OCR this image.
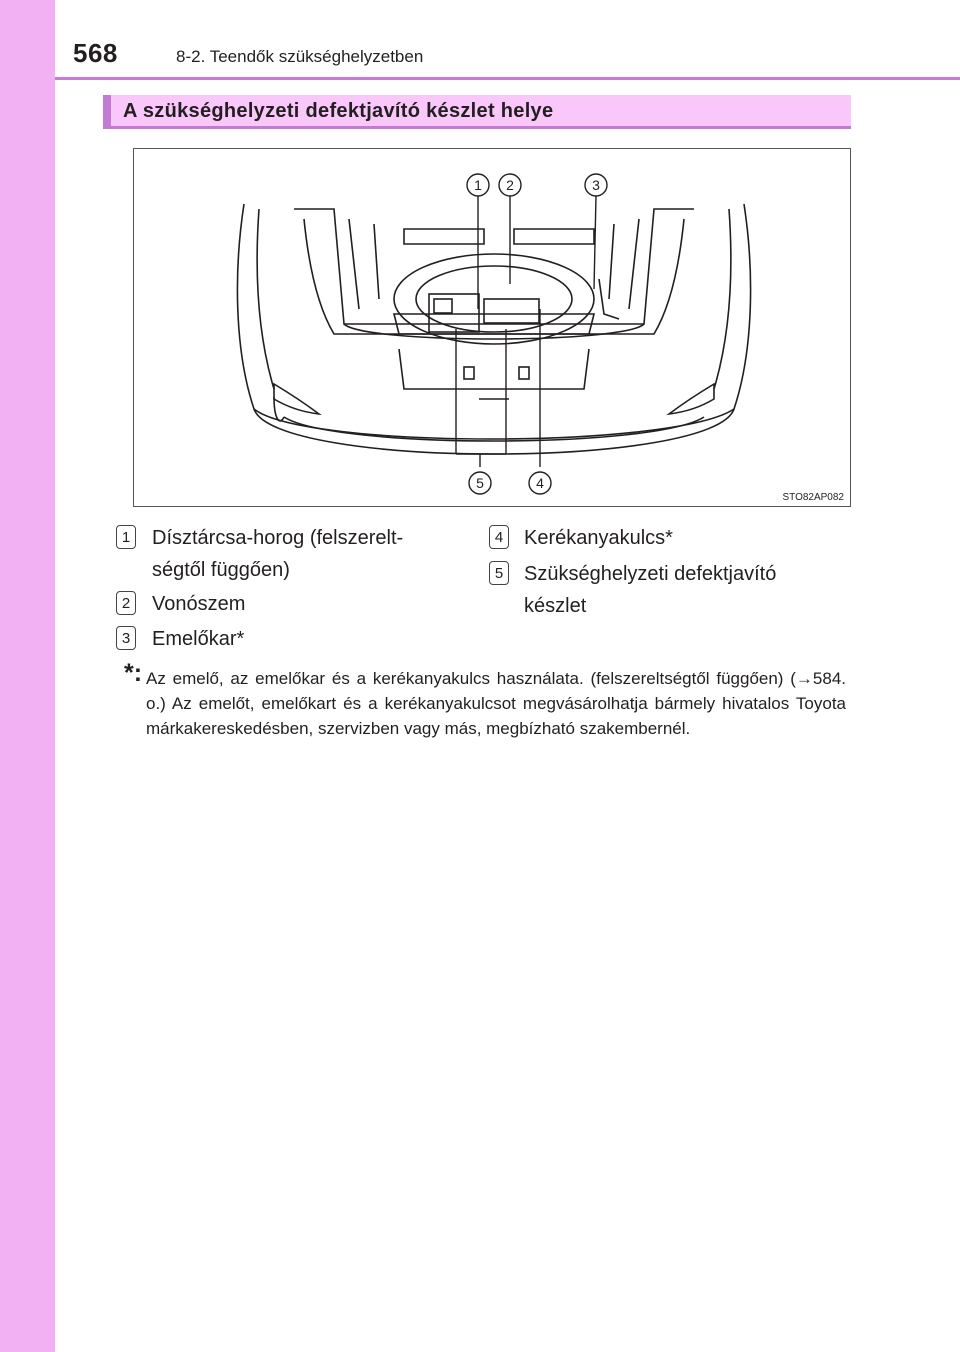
568	8-2. Teendők szükséghelyzetben
A szükséghelyzeti defektjavító készlet helye
1 2	3
4
5
STO82AP082
1 Dísztárcsa-horog (felszerelt-
ségtől függően)
2 Vonószem
3 Emelőkar*
4 Kerékanyakulcs*
5 Szükséghelyzeti defektjavító
készlet
*: Az emelő, az emelőkar és a kerékanyakulcs használata. (felszereltségtől függően) (→584. o.) Az emelőt, emelőkart és a kerékanyakulcsot megvásárolhatja bármely hivatalos Toyota márkakereskedésben, szervizben vagy más, megbízható szakembernél.
